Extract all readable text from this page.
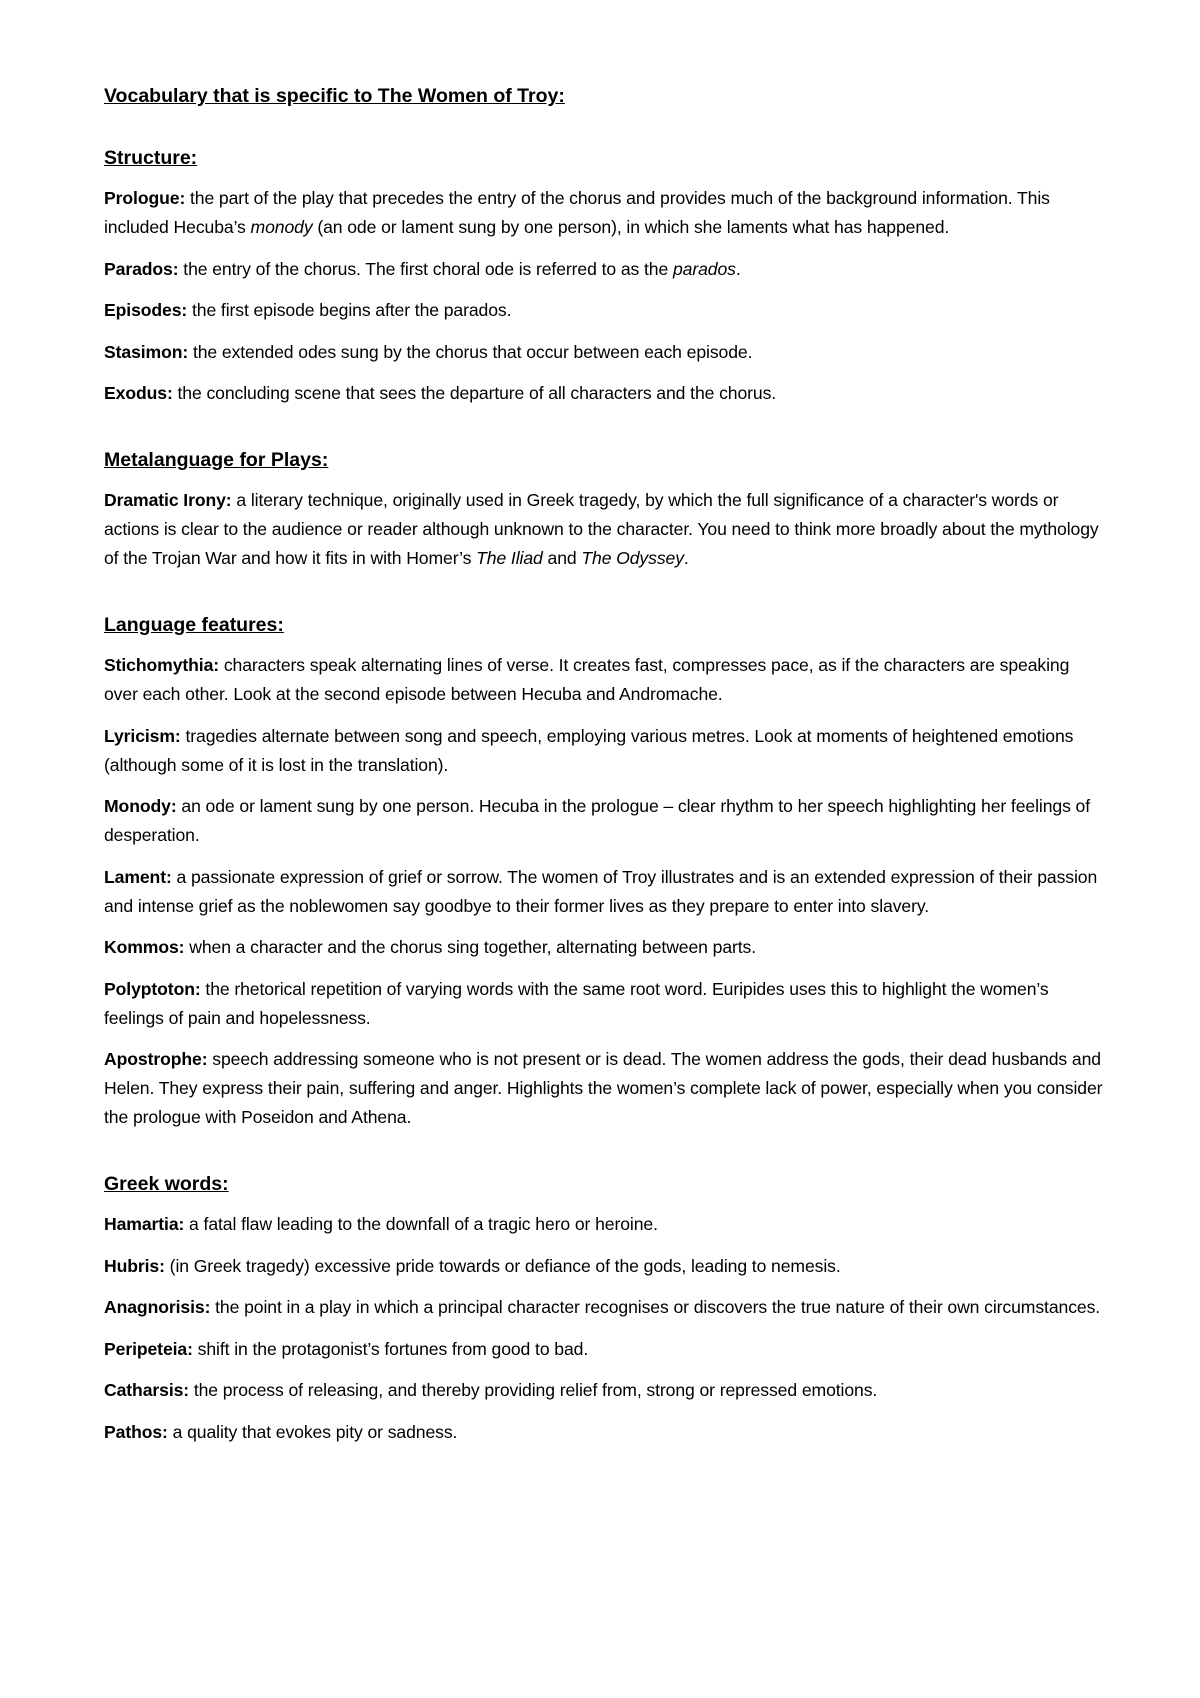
Vocabulary that is specific to The Women of Troy:
Structure:

Prologue: the part of the play that precedes the entry of the chorus and provides much of the background information. This included Hecuba’s monody (an ode or lament sung by one person), in which she laments what has happened.

Parados: the entry of the chorus. The first choral ode is referred to as the parados.

Episodes: the first episode begins after the parados.

Stasimon: the extended odes sung by the chorus that occur between each episode.

Exodus: the concluding scene that sees the departure of all characters and the chorus.

Metalanguage for Plays:

Dramatic Irony: a literary technique, originally used in Greek tragedy, by which the full significance of a character's words or actions is clear to the audience or reader although unknown to the character. You need to think more broadly about the mythology of the Trojan War and how it fits in with Homer’s The Iliad and The Odyssey.

Language features:

Stichomythia: characters speak alternating lines of verse. It creates fast, compresses pace, as if the characters are speaking over each other. Look at the second episode between Hecuba and Andromache.

Lyricism: tragedies alternate between song and speech, employing various metres. Look at moments of heightened emotions (although some of it is lost in the translation).

Monody: an ode or lament sung by one person. Hecuba in the prologue – clear rhythm to her speech highlighting her feelings of desperation.

Lament: a passionate expression of grief or sorrow. The women of Troy illustrates and is an extended expression of their passion and intense grief as the noblewomen say goodbye to their former lives as they prepare to enter into slavery.

Kommos: when a character and the chorus sing together, alternating between parts.

Polyptoton: the rhetorical repetition of varying words with the same root word. Euripides uses this to highlight the women’s feelings of pain and hopelessness.

Apostrophe: speech addressing someone who is not present or is dead. The women address the gods, their dead husbands and Helen. They express their pain, suffering and anger. Highlights the women’s complete lack of power, especially when you consider the prologue with Poseidon and Athena.

Greek words:

Hamartia: a fatal flaw leading to the downfall of a tragic hero or heroine.

Hubris: (in Greek tragedy) excessive pride towards or defiance of the gods, leading to nemesis.

Anagnorisis: the point in a play in which a principal character recognises or discovers the true nature of their own circumstances.

Peripeteia: shift in the protagonist’s fortunes from good to bad.

Catharsis: the process of releasing, and thereby providing relief from, strong or repressed emotions.

Pathos: a quality that evokes pity or sadness.
